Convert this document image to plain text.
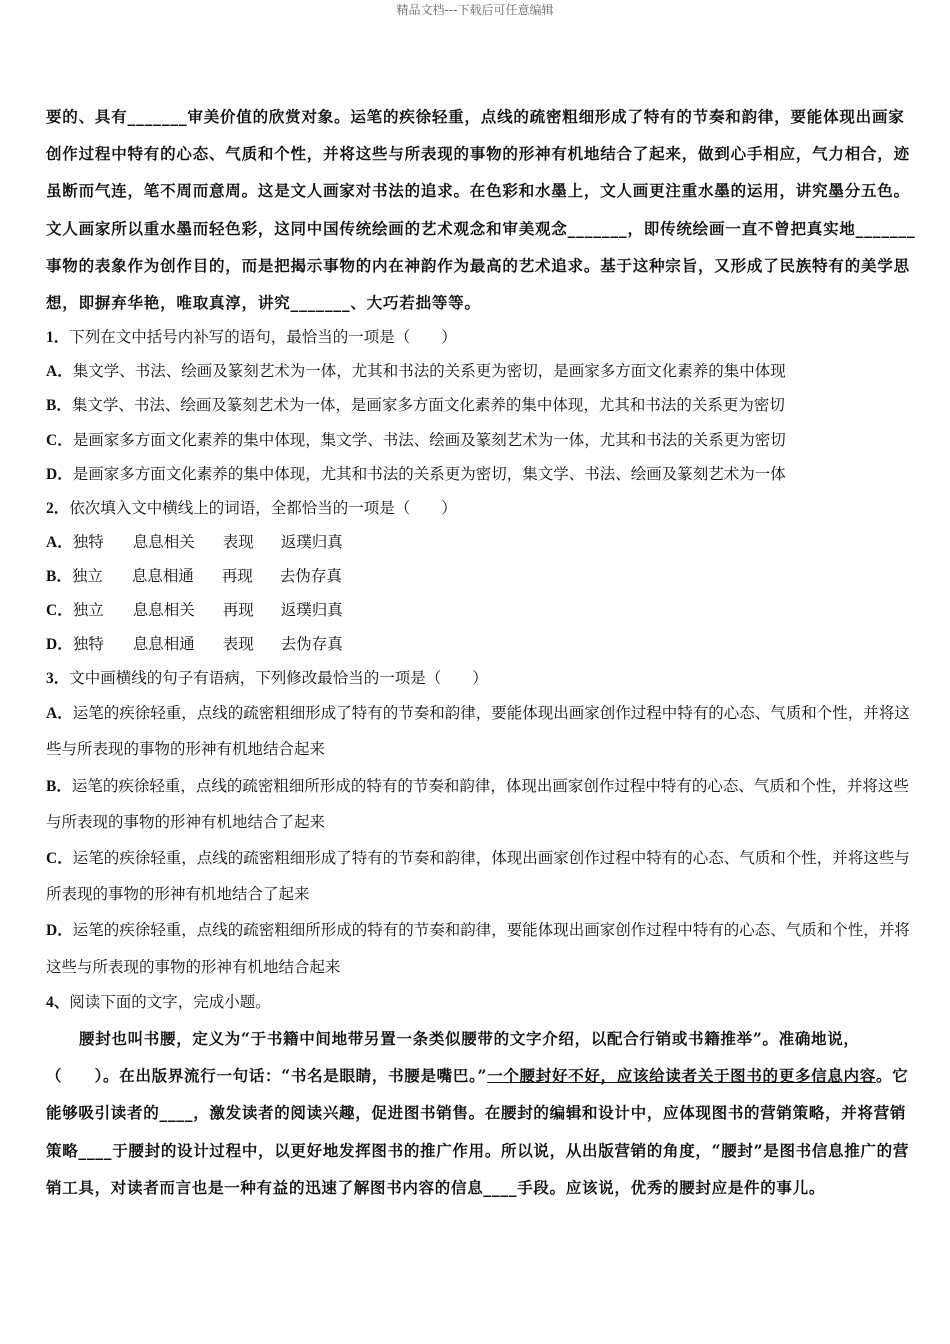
精品文档---下载后可任意编辑
要的、具有_______审美价值的欣赏对象。运笔的疾徐轻重，点线的疏密粗细形成了特有的节奏和韵律，要能体现出画家创作过程中特有的心态、气质和个性，并将这些与所表现的事物的形神有机地结合了起来，做到心手相应，气力相合，迹虽断而气连，笔不周而意周。这是文人画家对书法的追求。在色彩和水墨上，文人画更注重水墨的运用，讲究墨分五色。文人画家所以重水墨而轻色彩，这同中国传统绘画的艺术观念和审美观念_______，即传统绘画一直不曾把真实地_______事物的表象作为创作目的，而是把揭示事物的内在神韵作为最高的艺术追求。基于这种宗旨，又形成了民族特有的美学思想，即摒弃华艳，唯取真淳，讲究_______、大巧若拙等等。
1．下列在文中括号内补写的语句，最恰当的一项是（　　）
A．集文学、书法、绘画及篆刻艺术为一体，尤其和书法的关系更为密切，是画家多方面文化素养的集中体现
B．集文学、书法、绘画及篆刻艺术为一体，是画家多方面文化素养的集中体现，尤其和书法的关系更为密切
C．是画家多方面文化素养的集中体现，集文学、书法、绘画及篆刻艺术为一体，尤其和书法的关系更为密切
D．是画家多方面文化素养的集中体现，尤其和书法的关系更为密切，集文学、书法、绘画及篆刻艺术为一体
2．依次填入文中横线上的词语，全都恰当的一项是（　　）
A．独特 息息相关 表现 返璞归真
B．独立 息息相通 再现 去伪存真
C．独立 息息相关 再现 返璞归真
D．独特 息息相通 表现 去伪存真
3．文中画横线的句子有语病，下列修改最恰当的一项是（　　）
A．运笔的疾徐轻重，点线的疏密粗细形成了特有的节奏和韵律，要能体现出画家创作过程中特有的心态、气质和个性，并将这些与所表现的事物的形神有机地结合起来
B．运笔的疾徐轻重，点线的疏密粗细所形成的特有的节奏和韵律，体现出画家创作过程中特有的心态、气质和个性，并将这些与所表现的事物的形神有机地结合了起来
C．运笔的疾徐轻重，点线的疏密粗细形成了特有的节奏和韵律，体现出画家创作过程中特有的心态、气质和个性，并将这些与所表现的事物的形神有机地结合了起来
D．运笔的疾徐轻重，点线的疏密粗细所形成的特有的节奏和韵律，要能体现出画家创作过程中特有的心态、气质和个性，并将这些与所表现的事物的形神有机地结合起来
4、阅读下面的文字，完成小题。
腰封也叫书腰，定义为“于书籍中间地带另置一条类似腰带的文字介绍，以配合行销或书籍推举”。准确地说，（　　）。在出版界流行一句话：“书名是眼睛，书腰是嘴巴。”一个腰封好不好，应该给读者关于图书的更多信息内容。它能够吸引读者的____，激发读者的阅读兴趣，促进图书销售。在腰封的编辑和设计中，应体现图书的营销策略，并将营销策略____于腰封的设计过程中，以更好地发挥图书的推广作用。所以说，从出版营销的角度，“腰封”是图书信息推广的营销工具，对读者而言也是一种有益的迅速了解图书内容的信息____手段。应该说，优秀的腰封应是件的事儿。
